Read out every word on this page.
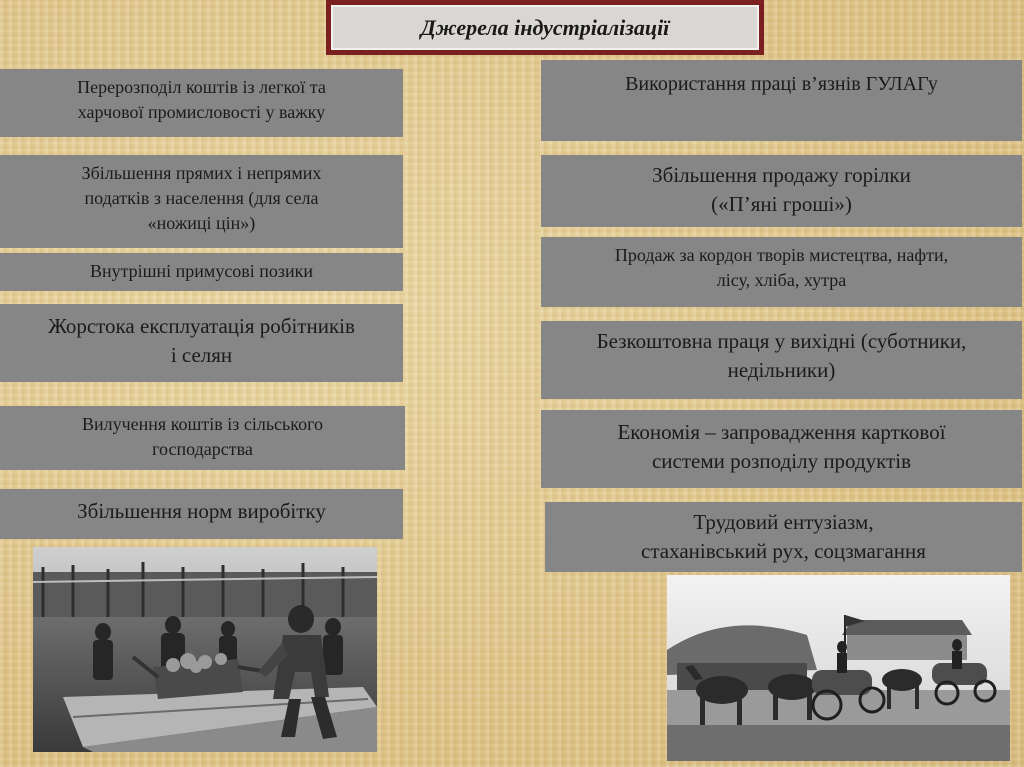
Джерела індустріалізації
Перерозподіл коштів із легкої та
харчової промисловості у важку
Збільшення прямих і непрямих
податків з населення (для села
«ножиці цін»)
Внутрішні примусові позики
Жорстока експлуатація робітників
і селян
Вилучення коштів із сільського
господарства
Збільшення норм виробітку
Використання праці в’язнів ГУЛАГу
Збільшення продажу горілки
(«П’яні гроші»)
Продаж за кордон творів мистецтва, нафти,
лісу, хліба, хутра
Безкоштовна праця у вихідні (суботники,
недільники)
Економія – запровадження карткової
системи розподілу продуктів
Трудовий ентузіазм,
стаханівський рух, соцзмагання
